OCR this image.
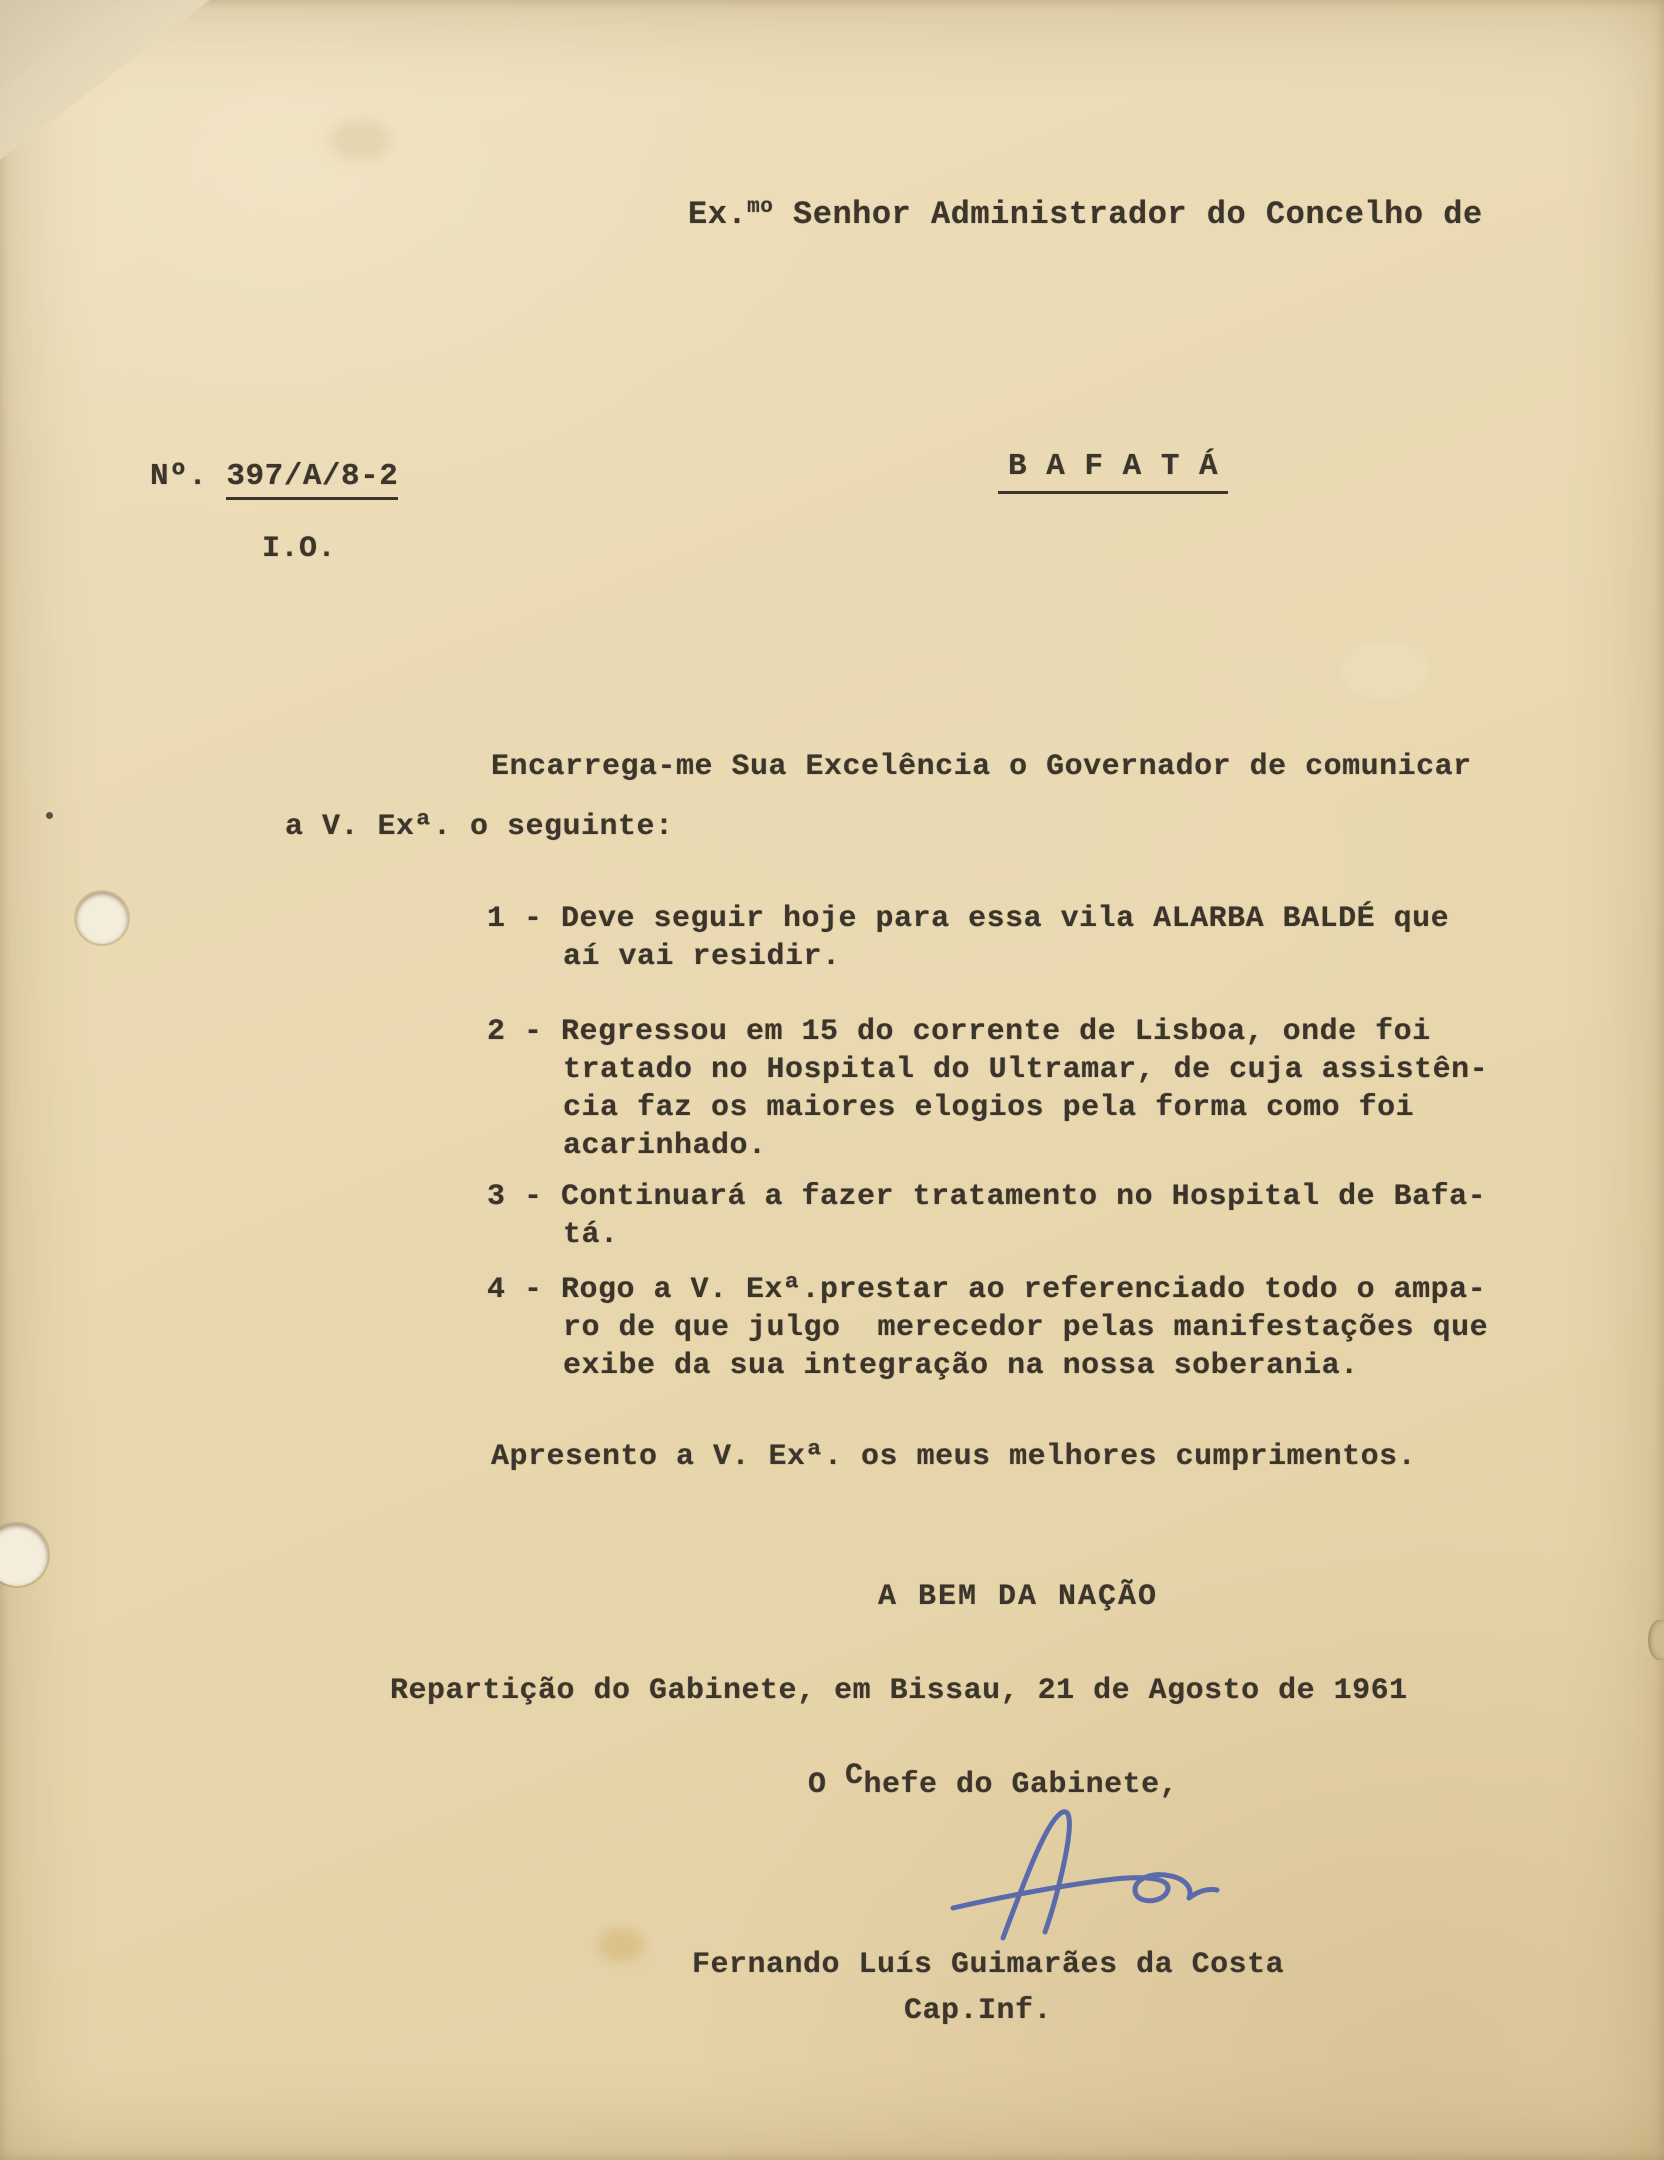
Ex.$^{mo}$ Senhor Administrador do Concelho de
B A F A T Á
Nº. 397/A/8-2
I.O.
Encarrega-me Sua Excelência o Governador de comunicar
a V. Exª. o seguinte:
1 - Deve seguir hoje para essa vila ALARBA BALDÉ que
aí vai residir.
2 - Regressou em 15 do corrente de Lisboa, onde foi
tratado no Hospital do Ultramar, de cuja assistên-
cia faz os maiores elogios pela forma como foi
acarinhado.
3 - Continuará a fazer tratamento no Hospital de Bafa-
tá.
4 - Rogo a V. Exª.prestar ao referenciado todo o ampa-
ro de que julgo  merecedor pelas manifestações que
exibe da sua integração na nossa soberania.
Apresento a V. Exª. os meus melhores cumprimentos.
A BEM DA NAÇÃO
Repartição do Gabinete, em Bissau, 21 de Agosto de 1961
O Chefe do Gabinete,
Fernando Luís Guimarães da Costa
Cap.Inf.
